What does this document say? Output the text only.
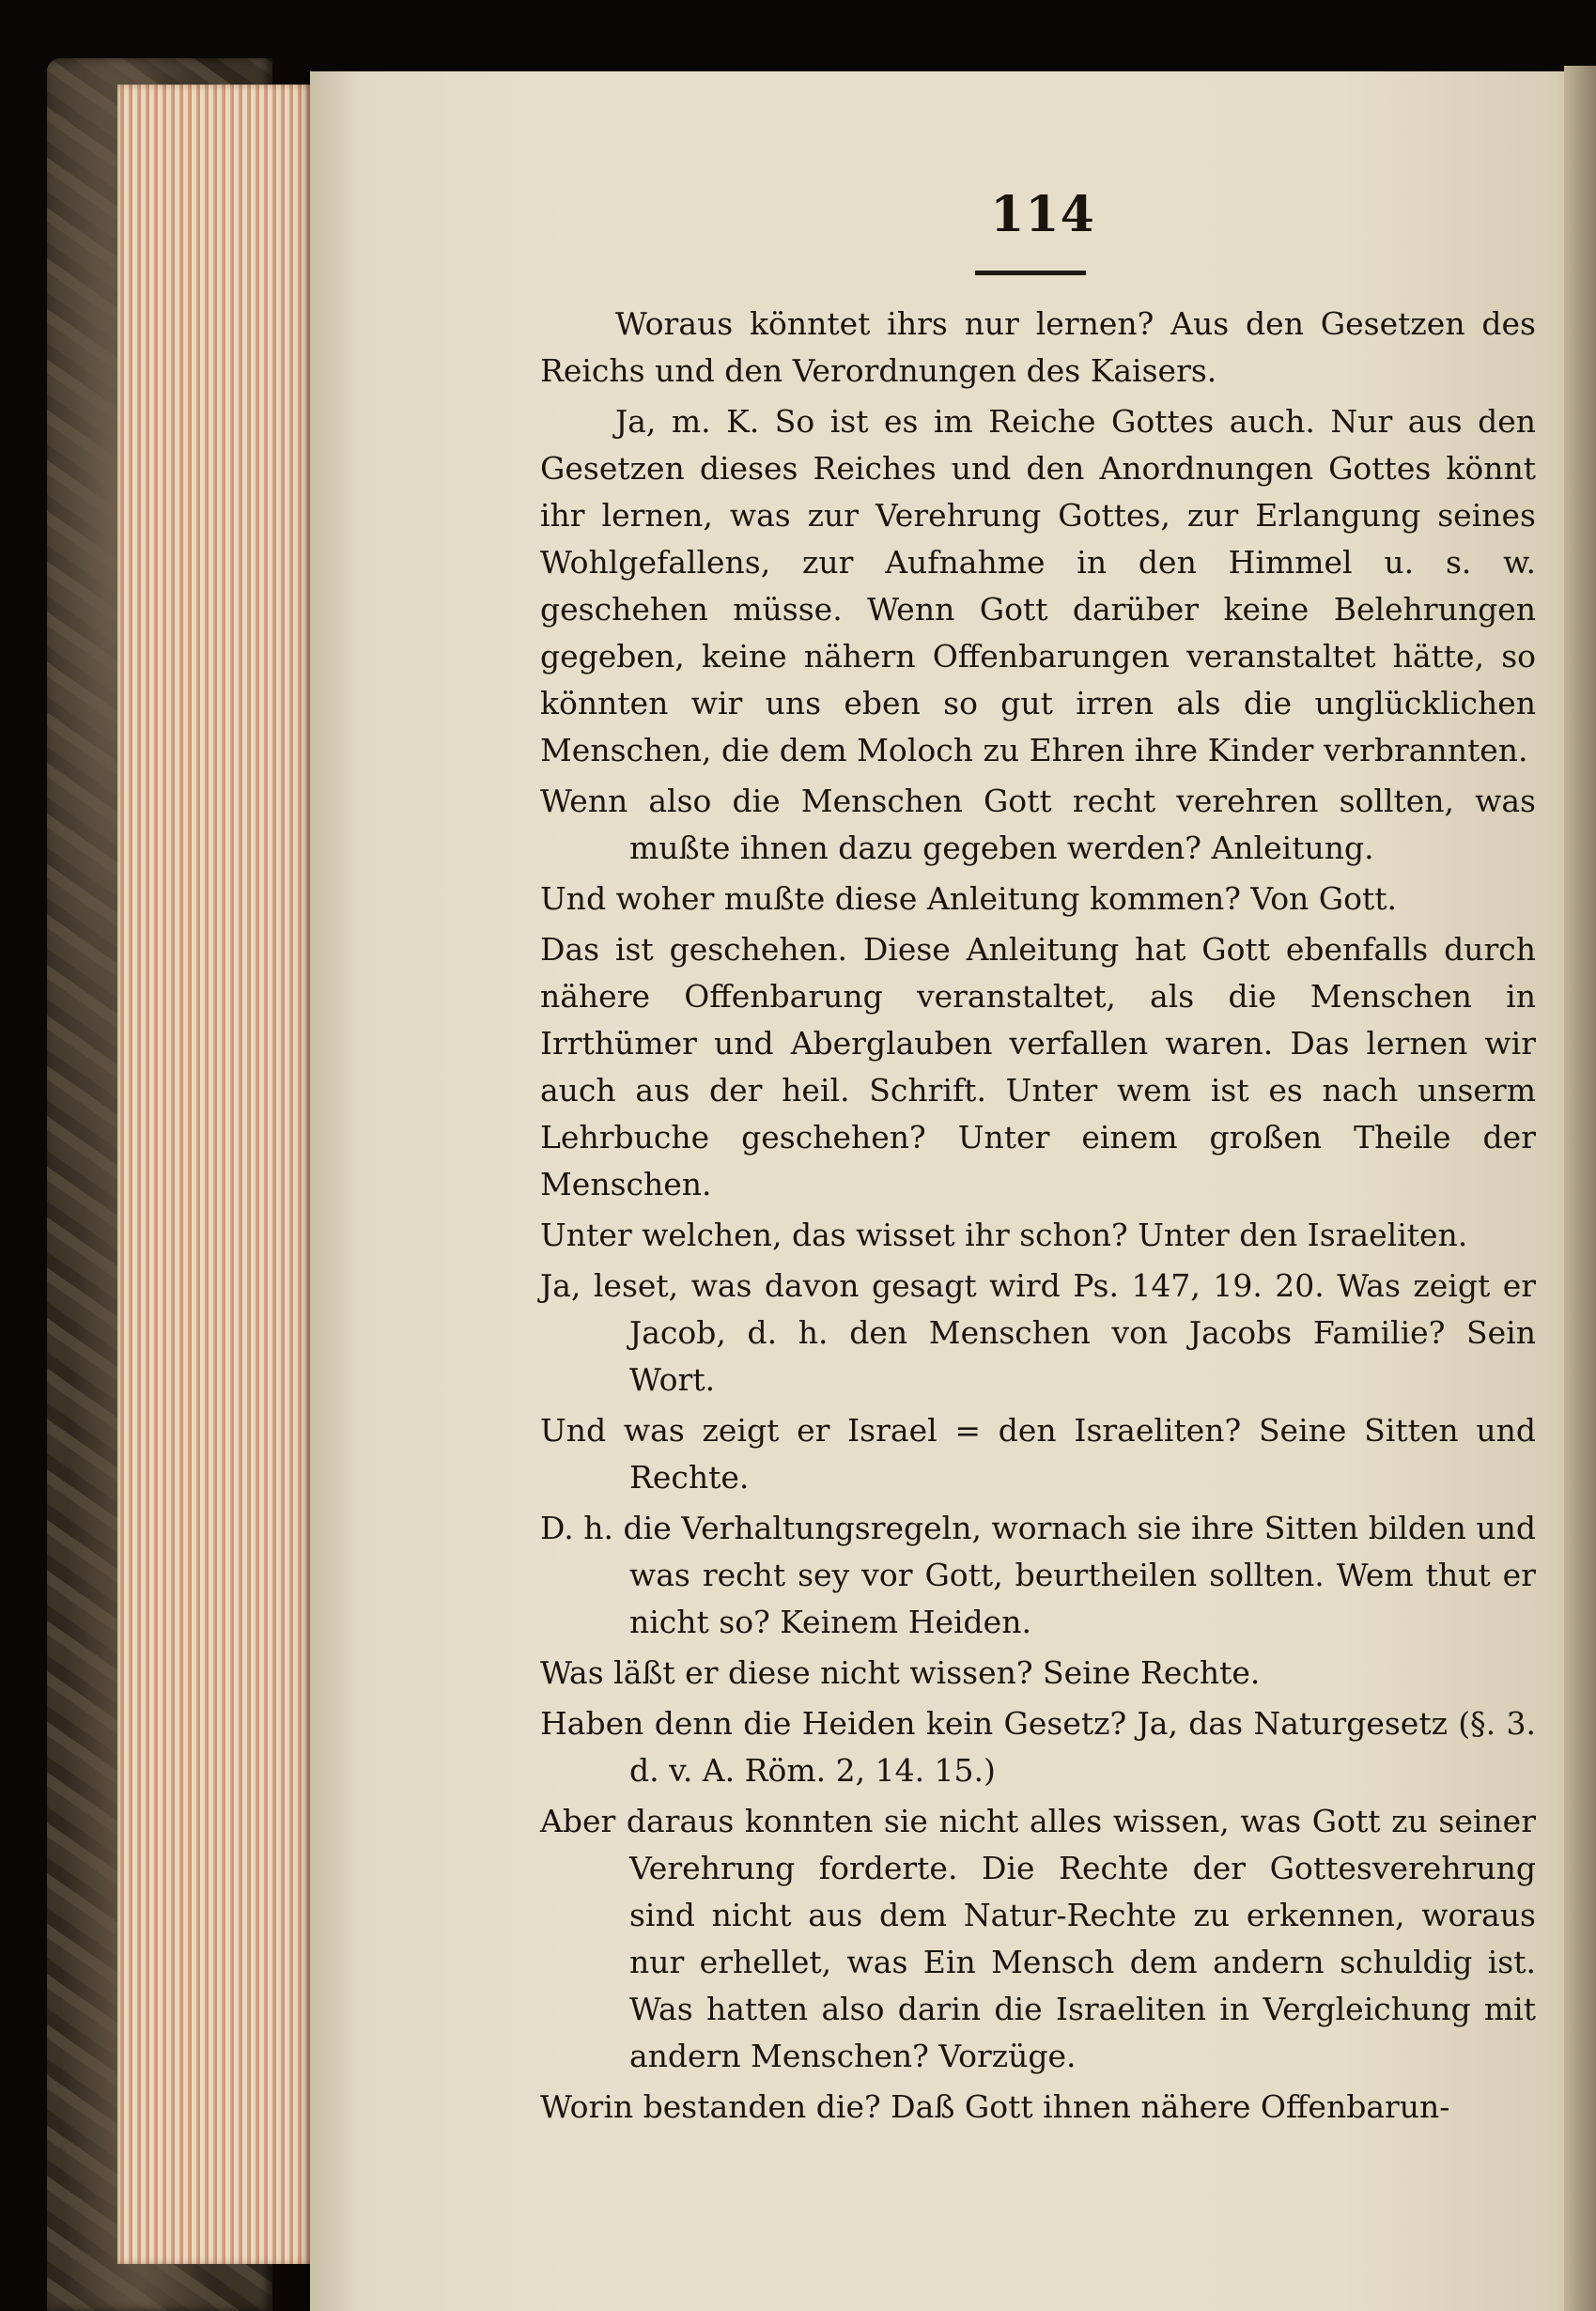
114

Woraus könntet ihrs nur lernen? Aus den Gesetzen des Reichs und den Verordnungen des Kaisers.

Ja, m. K. So ist es im Reiche Gottes auch. Nur aus den Gesetzen dieses Reiches und den Anordnungen Gottes könnt ihr lernen, was zur Verehrung Gottes, zur Erlangung seines Wohlgefallens, zur Aufnahme in den Himmel u. s. w. geschehen müsse. Wenn Gott darüber keine Belehrungen gegeben, keine nähern Offenbarungen veranstaltet hätte, so könnten wir uns eben so gut irren als die unglücklichen Menschen, die dem Moloch zu Ehren ihre Kinder verbrannten.

Wenn also die Menschen Gott recht verehren sollten, was mußte ihnen dazu gegeben werden? Anleitung.

Und woher mußte diese Anleitung kommen? Von Gott.

Das ist geschehen. Diese Anleitung hat Gott ebenfalls durch nähere Offenbarung veranstaltet, als die Menschen in Irrthümer und Aberglauben verfallen waren. Das lernen wir auch aus der heil. Schrift. Unter wem ist es nach unserm Lehrbuche geschehen? Unter einem großen Theile der Menschen.

Unter welchen, das wisset ihr schon? Unter den Israeliten.

Ja, leset, was davon gesagt wird Ps. 147, 19. 20. Was zeigt er Jacob, d. h. den Menschen von Jacobs Familie? Sein Wort.

Und was zeigt er Israel = den Israeliten? Seine Sitten und Rechte.

D. h. die Verhaltungsregeln, wornach sie ihre Sitten bilden und was recht sey vor Gott, beurtheilen sollten. Wem thut er nicht so? Keinem Heiden.

Was läßt er diese nicht wissen? Seine Rechte.

Haben denn die Heiden kein Gesetz? Ja, das Naturgesetz (§. 3. d. v. A. Röm. 2, 14. 15.)

Aber daraus konnten sie nicht alles wissen, was Gott zu seiner Verehrung forderte. Die Rechte der Gottesverehrung sind nicht aus dem Natur-Rechte zu erkennen, woraus nur erhellet, was Ein Mensch dem andern schuldig ist. Was hatten also darin die Israeliten in Vergleichung mit andern Menschen? Vorzüge.

Worin bestanden die? Daß Gott ihnen nähere Offenbarun-
